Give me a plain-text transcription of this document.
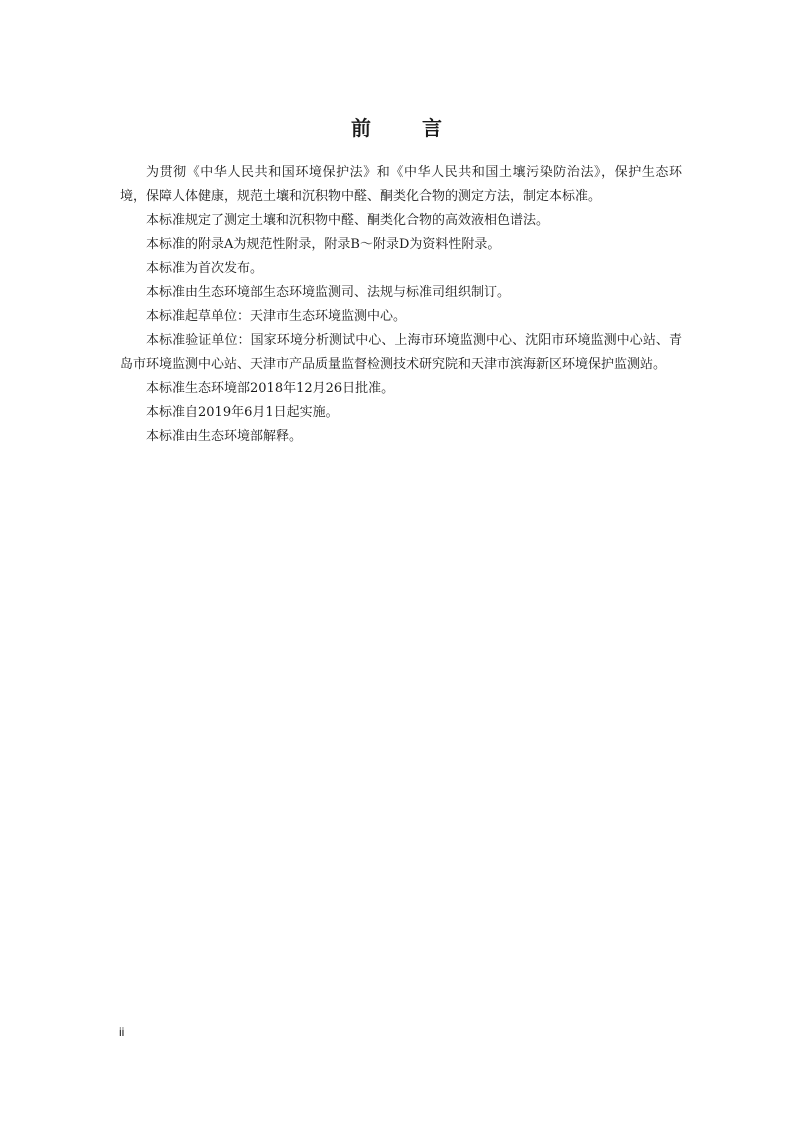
前 言

为贯彻《中华人民共和国环境保护法》和《中华人民共和国土壤污染防治法》，保护生态环境，保障人体健康，规范土壤和沉积物中醛、酮类化合物的测定方法，制定本标准。

本标准规定了测定土壤和沉积物中醛、酮类化合物的高效液相色谱法。

本标准的附录A为规范性附录，附录B～附录D为资料性附录。

本标准为首次发布。

本标准由生态环境部生态环境监测司、法规与标准司组织制订。

本标准起草单位：天津市生态环境监测中心。

本标准验证单位：国家环境分析测试中心、上海市环境监测中心、沈阳市环境监测中心站、青岛市环境监测中心站、天津市产品质量监督检测技术研究院和天津市滨海新区环境保护监测站。

本标准生态环境部2018年12月26日批准。

本标准自2019年6月1日起实施。

本标准由生态环境部解释。

ii
